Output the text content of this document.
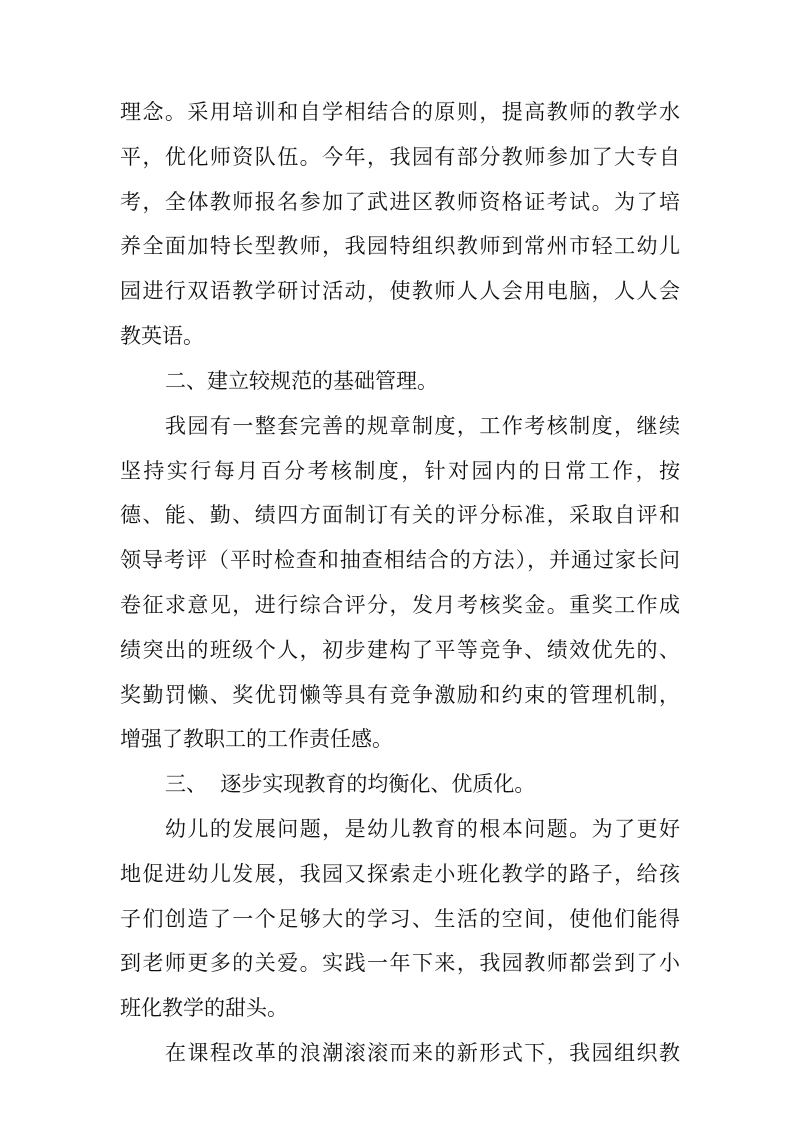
理念。采用培训和自学相结合的原则，提高教师的教学水
平，优化师资队伍。今年，我园有部分教师参加了大专自
考，全体教师报名参加了武进区教师资格证考试。为了培
养全面加特长型教师，我园特组织教师到常州市轻工幼儿
园进行双语教学研讨活动，使教师人人会用电脑，人人会
教英语。
二、建立较规范的基础管理。
我园有一整套完善的规章制度，工作考核制度，继续
坚持实行每月百分考核制度，针对园内的日常工作，按
德、能、勤、绩四方面制订有关的评分标准，采取自评和
领导考评（平时检查和抽查相结合的方法），并通过家长问
卷征求意见，进行综合评分，发月考核奖金。重奖工作成
绩突出的班级个人，初步建构了平等竞争、绩效优先的、
奖勤罚懒、奖优罚懒等具有竞争激励和约束的管理机制，
增强了教职工的工作责任感。
三、  逐步实现教育的均衡化、优质化。
幼儿的发展问题，是幼儿教育的根本问题。为了更好
地促进幼儿发展，我园又探索走小班化教学的路子，给孩
子们创造了一个足够大的学习、生活的空间，使他们能得
到老师更多的关爱。实践一年下来，我园教师都尝到了小
班化教学的甜头。
在课程改革的浪潮滚滚而来的新形式下，我园组织教
